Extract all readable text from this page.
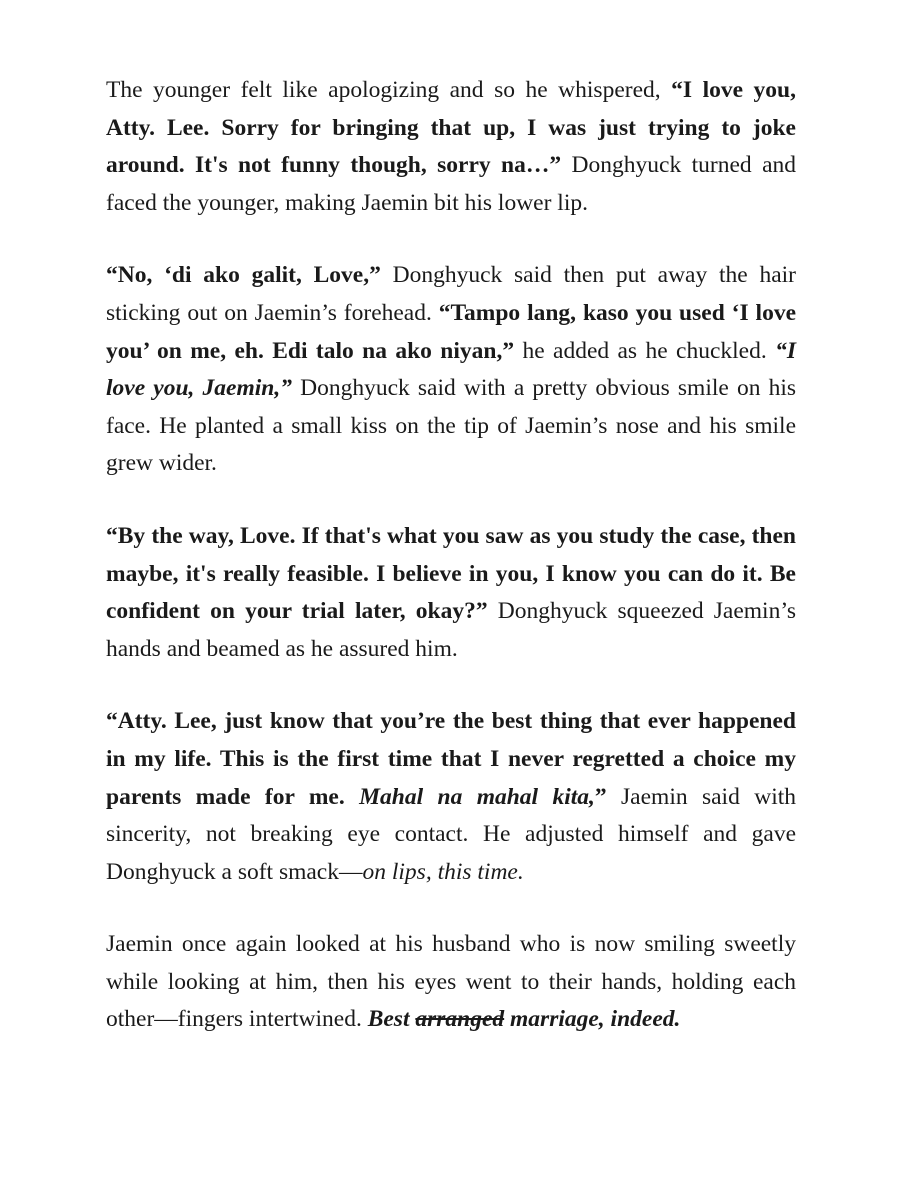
The younger felt like apologizing and so he whispered, “I love you, Atty. Lee. Sorry for bringing that up, I was just trying to joke around. It's not funny though, sorry na…” Donghyuck turned and faced the younger, making Jaemin bit his lower lip.

“No, ‘di ako galit, Love,” Donghyuck said then put away the hair sticking out on Jaemin’s forehead. “Tampo lang, kaso you used ‘I love you’ on me, eh. Edi talo na ako niyan,” he added as he chuckled. “I love you, Jaemin,” Donghyuck said with a pretty obvious smile on his face. He planted a small kiss on the tip of Jaemin’s nose and his smile grew wider.

“By the way, Love. If that's what you saw as you study the case, then maybe, it's really feasible. I believe in you, I know you can do it. Be confident on your trial later, okay?” Donghyuck squeezed Jaemin’s hands and beamed as he assured him.

“Atty. Lee, just know that you’re the best thing that ever happened in my life. This is the first time that I never regretted a choice my parents made for me. Mahal na mahal kita,” Jaemin said with sincerity, not breaking eye contact. He adjusted himself and gave Donghyuck a soft smack—on lips, this time.

Jaemin once again looked at his husband who is now smiling sweetly while looking at him, then his eyes went to their hands, holding each other—fingers intertwined. Best arranged marriage, indeed.
